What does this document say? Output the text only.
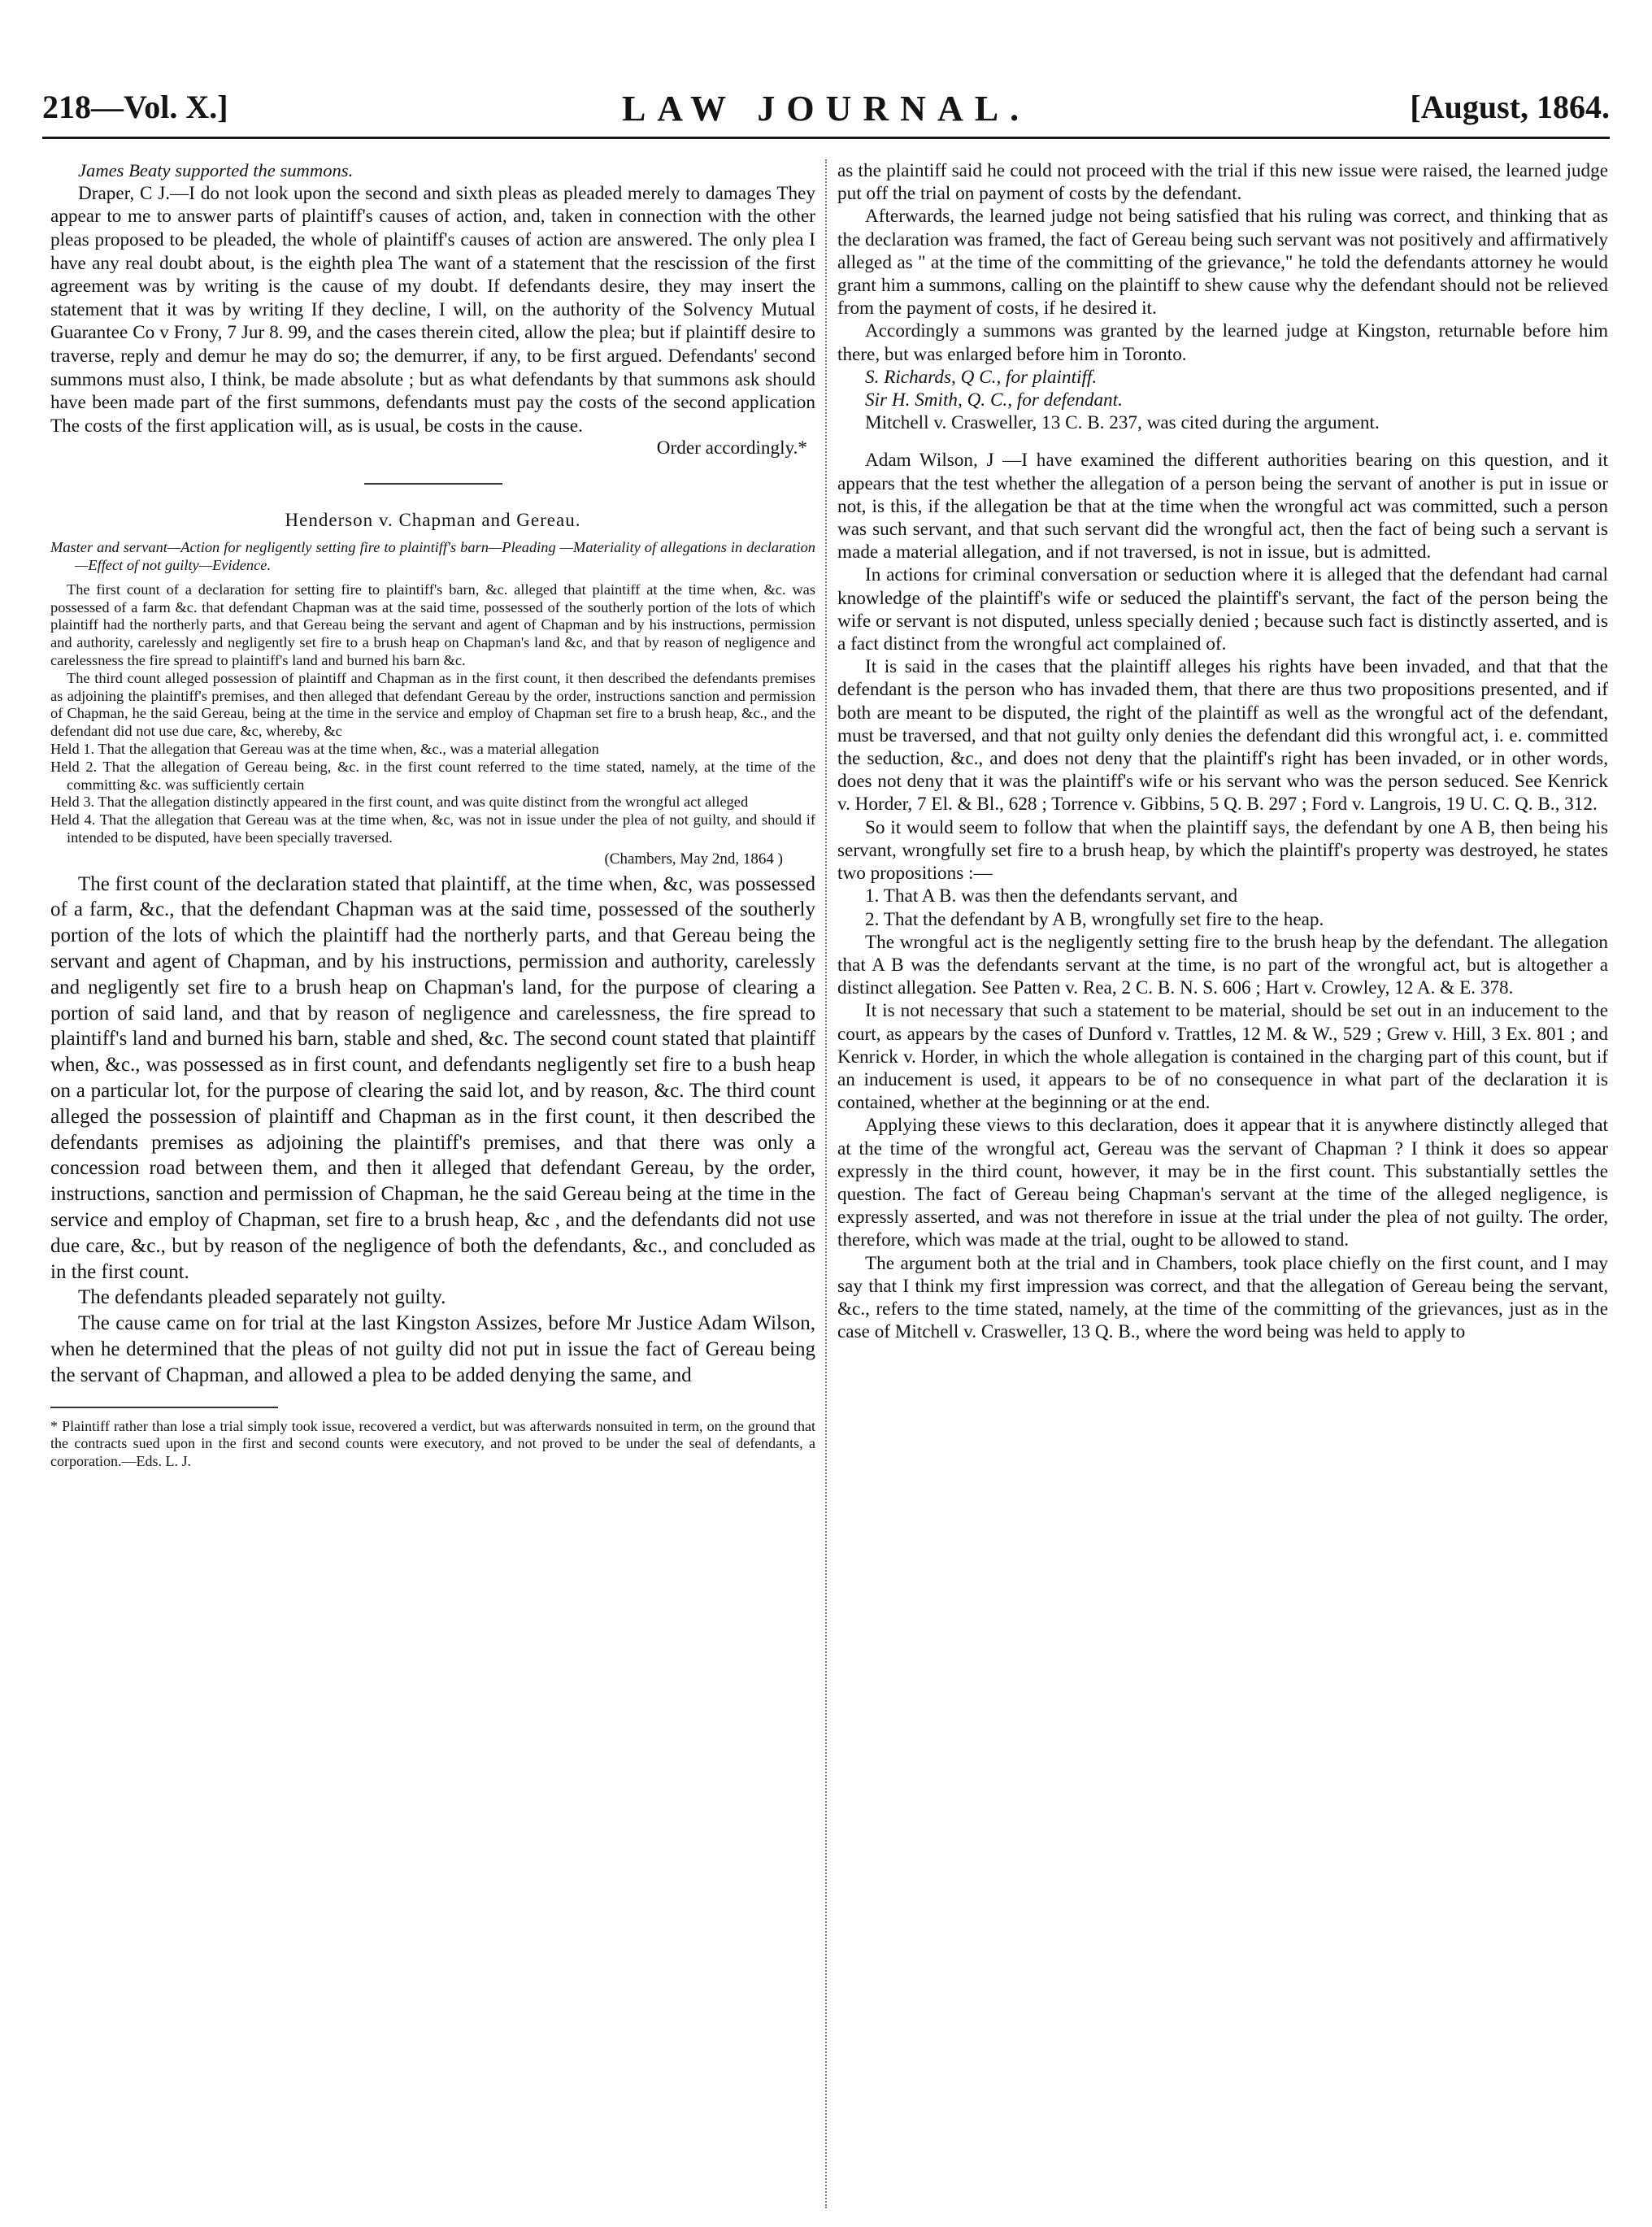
218—Vol. X.]	LAW JOURNAL.	[August, 1864.

James Beaty supported the summons.

Draper, C J.—I do not look upon the second and sixth pleas as pleaded merely to damages They appear to me to answer parts of plaintiff's causes of action, and, taken in connection with the other pleas proposed to be pleaded, the whole of plaintiff's causes of action are answered. The only plea I have any real doubt about, is the eighth plea The want of a statement that the rescission of the first agreement was by writing is the cause of my doubt. If defendants desire, they may insert the statement that it was by writing If they decline, I will, on the authority of the Solvency Mutual Guarantee Co v Frony, 7 Jur 8. 99, and the cases therein cited, allow the plea; but if plaintiff desire to traverse, reply and demur he may do so; the demurrer, if any, to be first argued. Defendants' second summons must also, I think, be made absolute ; but as what defendants by that summons ask should have been made part of the first summons, defendants must pay the costs of the second application The costs of the first application will, as is usual, be costs in the cause.

Order accordingly.*

Henderson v. Chapman and Gereau.

Master and servant—Action for negligently setting fire to plaintiff's barn—Pleading —Materiality of allegations in declaration—Effect of not guilty—Evidence.

The first count of a declaration for setting fire to plaintiff's barn, &c. alleged that plaintiff at the time when, &c. was possessed of a farm &c. that defendant Chapman was at the said time, possessed of the southerly portion of the lots of which plaintiff had the northerly parts, and that Gereau being the servant and agent of Chapman and by his instructions, permission and authority, carelessly and negligently set fire to a brush heap on Chapman's land &c, and that by reason of negligence and carelessness the fire spread to plaintiff's land and burned his barn &c.

The third count alleged possession of plaintiff and Chapman as in the first count, it then described the defendants premises as adjoining the plaintiff's premises, and then alleged that defendant Gereau by the order, instructions sanction and permission of Chapman, he the said Gereau, being at the time in the service and employ of Chapman set fire to a brush heap, &c., and the defendant did not use due care, &c, whereby, &c

Held 1. That the allegation that Gereau was at the time when, &c., was a material allegation

Held 2. That the allegation of Gereau being, &c. in the first count referred to the time stated, namely, at the time of the committing &c. was sufficiently certain

Held 3. That the allegation distinctly appeared in the first count, and was quite distinct from the wrongful act alleged

Held 4. That the allegation that Gereau was at the time when, &c, was not in issue under the plea of not guilty, and should if intended to be disputed, have been specially traversed.

(Chambers, May 2nd, 1864 )

The first count of the declaration stated that plaintiff, at the time when, &c, was possessed of a farm, &c., that the defendant Chapman was at the said time, possessed of the southerly portion of the lots of which the plaintiff had the northerly parts, and that Gereau being the servant and agent of Chapman, and by his instructions, permission and authority, carelessly and negligently set fire to a brush heap on Chapman's land, for the purpose of clearing a portion of said land, and that by reason of negligence and carelessness, the fire spread to plaintiff's land and burned his barn, stable and shed, &c. The second count stated that plaintiff when, &c., was possessed as in first count, and defendants negligently set fire to a bush heap on a particular lot, for the purpose of clearing the said lot, and by reason, &c. The third count alleged the possession of plaintiff and Chapman as in the first count, it then described the defendants premises as adjoining the plaintiff's premises, and that there was only a concession road between them, and then it alleged that defendant Gereau, by the order, instructions, sanction and permission of Chapman, he the said Gereau being at the time in the service and employ of Chapman, set fire to a brush heap, &c , and the defendants did not use due care, &c., but by reason of the negligence of both the defendants, &c., and concluded as in the first count.

The defendants pleaded separately not guilty.

The cause came on for trial at the last Kingston Assizes, before Mr Justice Adam Wilson, when he determined that the pleas of not guilty did not put in issue the fact of Gereau being the servant of Chapman, and allowed a plea to be added denying the same, and

* Plaintiff rather than lose a trial simply took issue, recovered a verdict, but was afterwards nonsuited in term, on the ground that the contracts sued upon in the first and second counts were executory, and not proved to be under the seal of defendants, a corporation.—Eds. L. J.

as the plaintiff said he could not proceed with the trial if this new issue were raised, the learned judge put off the trial on payment of costs by the defendant.

Afterwards, the learned judge not being satisfied that his ruling was correct, and thinking that as the declaration was framed, the fact of Gereau being such servant was not positively and affirmatively alleged as " at the time of the committing of the grievance," he told the defendants attorney he would grant him a summons, calling on the plaintiff to shew cause why the defendant should not be relieved from the payment of costs, if he desired it.

Accordingly a summons was granted by the learned judge at Kingston, returnable before him there, but was enlarged before him in Toronto.

S. Richards, Q C., for plaintiff.

Sir H. Smith, Q. C., for defendant.

Mitchell v. Crasweller, 13 C. B. 237, was cited during the argument.

Adam Wilson, J —I have examined the different authorities bearing on this question, and it appears that the test whether the allegation of a person being the servant of another is put in issue or not, is this, if the allegation be that at the time when the wrongful act was committed, such a person was such servant, and that such servant did the wrongful act, then the fact of being such a servant is made a material allegation, and if not traversed, is not in issue, but is admitted.

In actions for criminal conversation or seduction where it is alleged that the defendant had carnal knowledge of the plaintiff's wife or seduced the plaintiff's servant, the fact of the person being the wife or servant is not disputed, unless specially denied ; because such fact is distinctly asserted, and is a fact distinct from the wrongful act complained of.

It is said in the cases that the plaintiff alleges his rights have been invaded, and that that the defendant is the person who has invaded them, that there are thus two propositions presented, and if both are meant to be disputed, the right of the plaintiff as well as the wrongful act of the defendant, must be traversed, and that not guilty only denies the defendant did this wrongful act, i. e. committed the seduction, &c., and does not deny that the plaintiff's right has been invaded, or in other words, does not deny that it was the plaintiff's wife or his servant who was the person seduced. See Kenrick v. Horder, 7 El. & Bl., 628 ; Torrence v. Gibbins, 5 Q. B. 297 ; Ford v. Langrois, 19 U. C. Q. B., 312.

So it would seem to follow that when the plaintiff says, the defendant by one A B, then being his servant, wrongfully set fire to a brush heap, by which the plaintiff's property was destroyed, he states two propositions :—

1. That A B. was then the defendants servant, and

2. That the defendant by A B, wrongfully set fire to the heap.

The wrongful act is the negligently setting fire to the brush heap by the defendant. The allegation that A B was the defendants servant at the time, is no part of the wrongful act, but is altogether a distinct allegation. See Patten v. Rea, 2 C. B. N. S. 606 ; Hart v. Crowley, 12 A. & E. 378.

It is not necessary that such a statement to be material, should be set out in an inducement to the court, as appears by the cases of Dunford v. Trattles, 12 M. & W., 529 ; Grew v. Hill, 3 Ex. 801 ; and Kenrick v. Horder, in which the whole allegation is contained in the charging part of this count, but if an inducement is used, it appears to be of no consequence in what part of the declaration it is contained, whether at the beginning or at the end.

Applying these views to this declaration, does it appear that it is anywhere distinctly alleged that at the time of the wrongful act, Gereau was the servant of Chapman ? I think it does so appear expressly in the third count, however, it may be in the first count. This substantially settles the question. The fact of Gereau being Chapman's servant at the time of the alleged negligence, is expressly asserted, and was not therefore in issue at the trial under the plea of not guilty. The order, therefore, which was made at the trial, ought to be allowed to stand.

The argument both at the trial and in Chambers, took place chiefly on the first count, and I may say that I think my first impression was correct, and that the allegation of Gereau being the servant, &c., refers to the time stated, namely, at the time of the committing of the grievances, just as in the case of Mitchell v. Crasweller, 13 Q. B., where the word being was held to apply to
